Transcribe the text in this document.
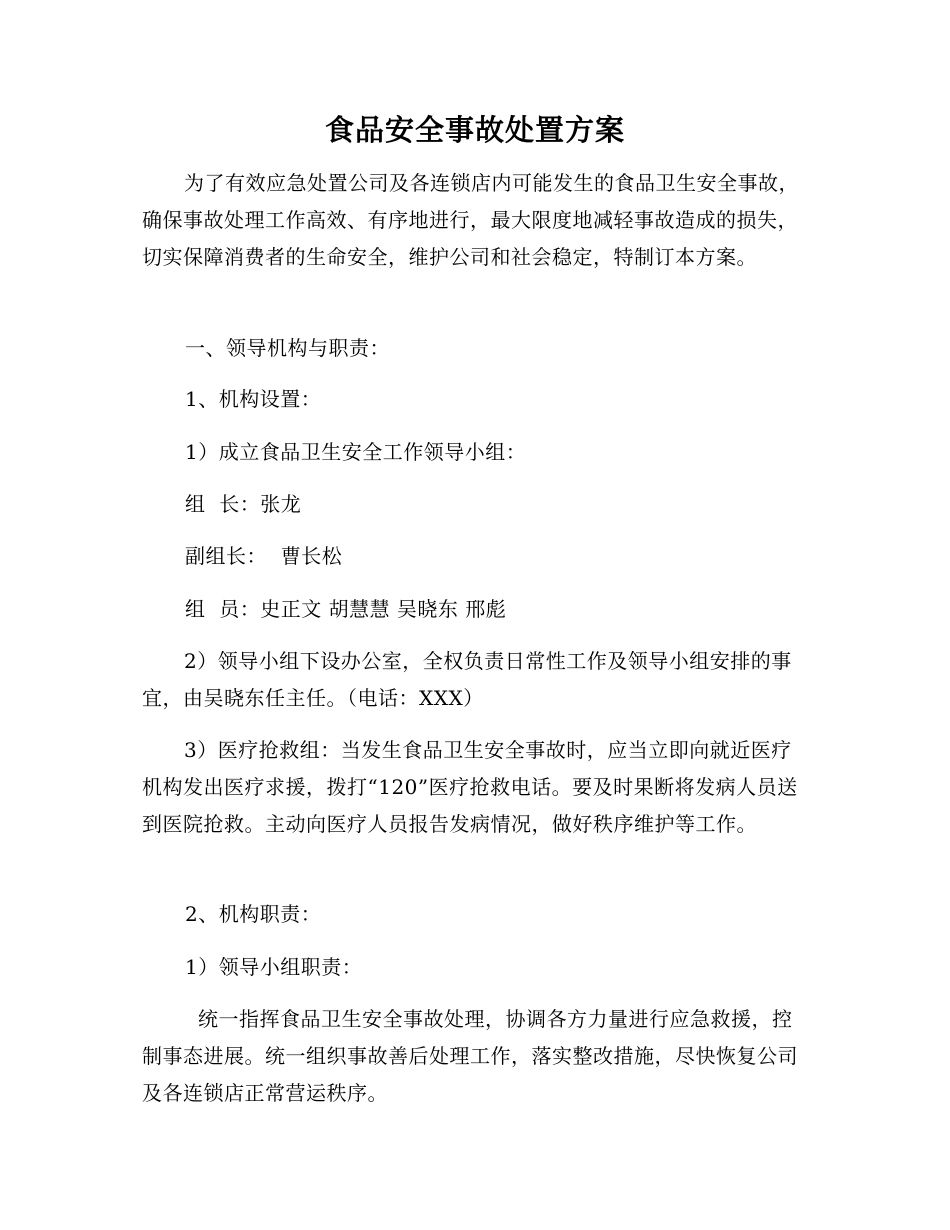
食品安全事故处置方案
为了有效应急处置公司及各连锁店内可能发生的食品卫生安全事故，确保事故处理工作高效、有序地进行，最大限度地减轻事故造成的损失，切实保障消费者的生命安全，维护公司和社会稳定，特制订本方案。
一、领导机构与职责：
1、机构设置：
1）成立食品卫生安全工作领导小组：
组  长：张龙
副组长：  曹长松
组  员：史正文 胡慧慧 吴晓东 邢彪
2）领导小组下设办公室，全权负责日常性工作及领导小组安排的事宜，由吴晓东任主任。（电话：XXX）
3）医疗抢救组：当发生食品卫生安全事故时，应当立即向就近医疗机构发出医疗求援，拨打“120”医疗抢救电话。要及时果断将发病人员送到医院抢救。主动向医疗人员报告发病情况，做好秩序维护等工作。
2、机构职责：
1）领导小组职责：
统一指挥食品卫生安全事故处理，协调各方力量进行应急救援，控制事态进展。统一组织事故善后处理工作，落实整改措施，尽快恢复公司及各连锁店正常营运秩序。
